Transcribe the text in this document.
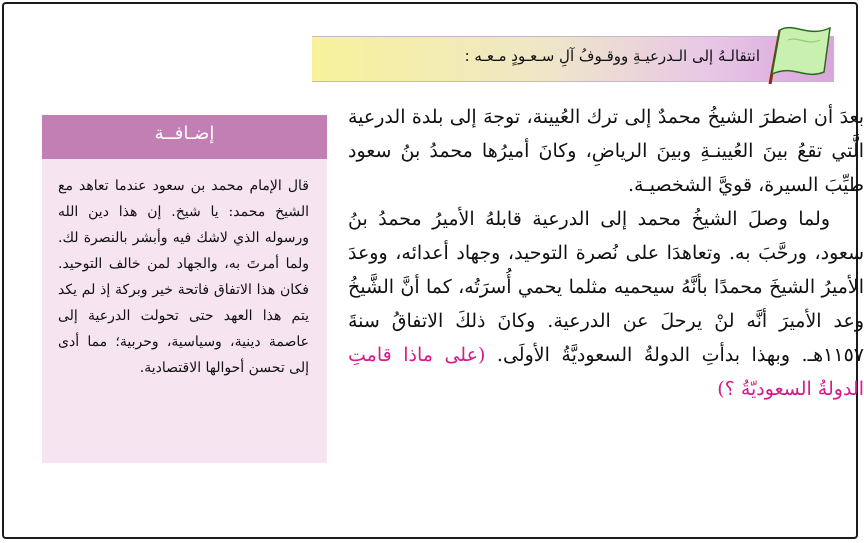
انتقالـهُ إلى الـدرعيـةِ ووقـوفُ آلِ سـعـودٍ مـعـه :

بعدَ أن اضطرَ الشيخُ محمدٌ إلى ترك العُيينة، توجهَ إلى بلدة الدرعية الَّتي تقعُ بينَ العُيينـةِ وبينَ الرياضِ، وكانَ أميرُها محمدُ بنُ سعود طيِّبَ السيرة، قويَّ الشخصيـة.

ولما وصلَ الشيخُ محمد إلى الدرعية قابلهُ الأميرُ محمدُ بنُ سعود، ورحَّبَ به. وتعاهدَا على نُصرة التوحيد، وجهاد أعدائه، ووعدَ الأميرُ الشيخَ محمدًا بأنَّهُ سيحميه مثلما يحمي أُسرَتُه، كما أنَّ الشَّيخُ وعد الأميرَ أنَّه لنْ يرحلَ عن الدرعية. وكانَ ذلكَ الاتفاقُ سنةَ ١١٥٧هـ. وبهذا بدأتِ الدولةُ السعوديَّةُ الأولَى. (على ماذا قامتِ الدولةُ السعوديّةُ ؟)

إضـافــة
قال الإمام محمد بن سعود عندما تعاهد مع الشيخ محمد: يا شيخ. إن هذا دين الله ورسوله الذي لاشك فيه وأبشر بالنصرة لك. ولما أمرتَ به، والجهاد لمن خالف التوحيد. فكان هذا الاتفاق فاتحة خير وبركة إذ لم يكد يتم هذا العهد حتى تحولت الدرعية إلى عاصمة دينية، وسياسية، وحربية؛ مما أدى إلى تحسن أحوالها الاقتصادية.
